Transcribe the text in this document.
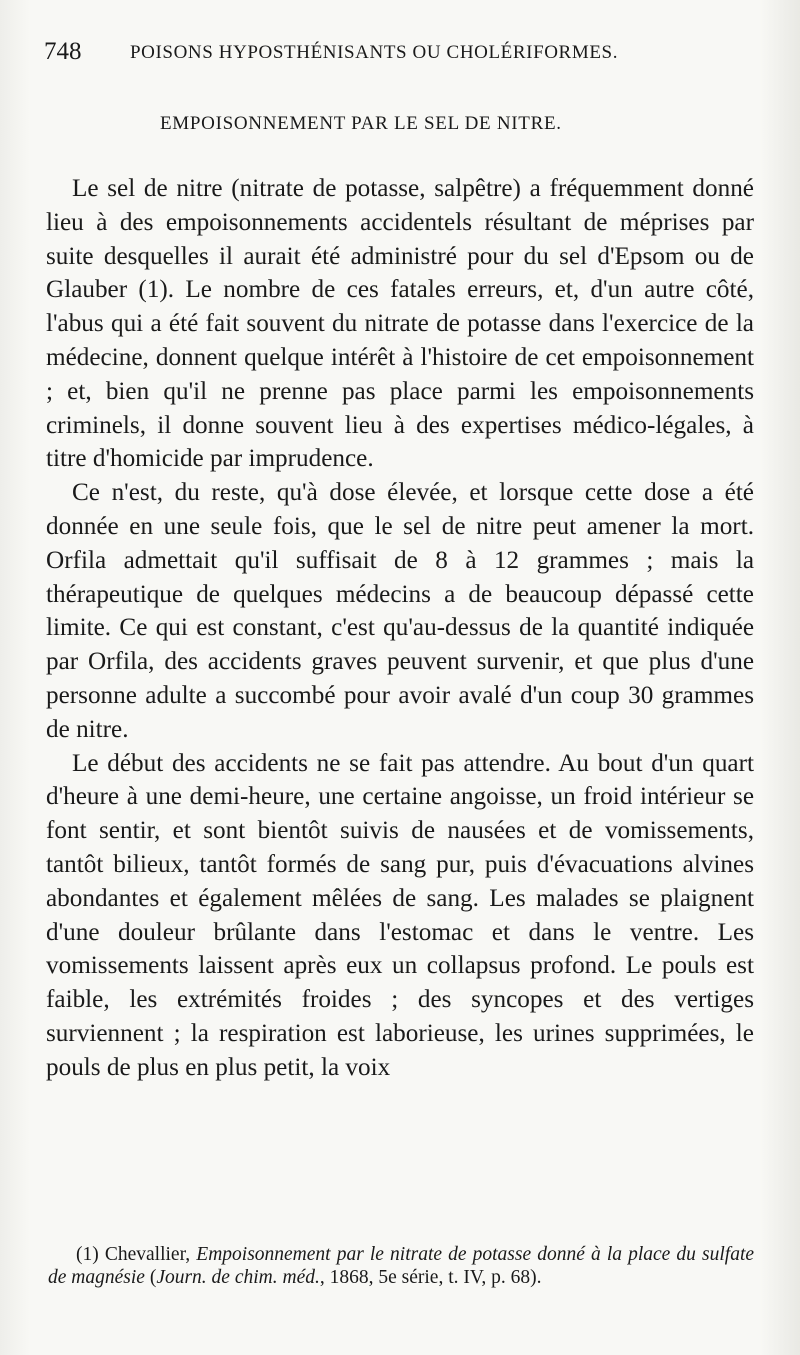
748	POISONS HYPOSTHÉNISANTS OU CHOLÉRIFORMES.
EMPOISONNEMENT PAR LE SEL DE NITRE.

Le sel de nitre (nitrate de potasse, salpêtre) a fréquemment donné lieu à des empoisonnements accidentels résultant de méprises par suite desquelles il aurait été administré pour du sel d'Epsom ou de Glauber (1). Le nombre de ces fatales erreurs, et, d'un autre côté, l'abus qui a été fait souvent du nitrate de potasse dans l'exercice de la médecine, donnent quelque intérêt à l'histoire de cet empoisonnement ; et, bien qu'il ne prenne pas place parmi les empoisonnements criminels, il donne souvent lieu à des expertises médico-légales, à titre d'homicide par imprudence.

Ce n'est, du reste, qu'à dose élevée, et lorsque cette dose a été donnée en une seule fois, que le sel de nitre peut amener la mort. Orfila admettait qu'il suffisait de 8 à 12 grammes ; mais la thérapeutique de quelques médecins a de beaucoup dépassé cette limite. Ce qui est constant, c'est qu'au-dessus de la quantité indiquée par Orfila, des accidents graves peuvent survenir, et que plus d'une personne adulte a succombé pour avoir avalé d'un coup 30 grammes de nitre.

Le début des accidents ne se fait pas attendre. Au bout d'un quart d'heure à une demi-heure, une certaine angoisse, un froid intérieur se font sentir, et sont bientôt suivis de nausées et de vomissements, tantôt bilieux, tantôt formés de sang pur, puis d'évacuations alvines abondantes et également mêlées de sang. Les malades se plaignent d'une douleur brûlante dans l'estomac et dans le ventre. Les vomissements laissent après eux un collapsus profond. Le pouls est faible, les extrémités froides ; des syncopes et des vertiges surviennent ; la respiration est laborieuse, les urines supprimées, le pouls de plus en plus petit, la voix

(1) Chevallier, Empoisonnement par le nitrate de potasse donné à la place du sulfate de magnésie (Journ. de chim. méd., 1868, 5e série, t. IV, p. 68).
